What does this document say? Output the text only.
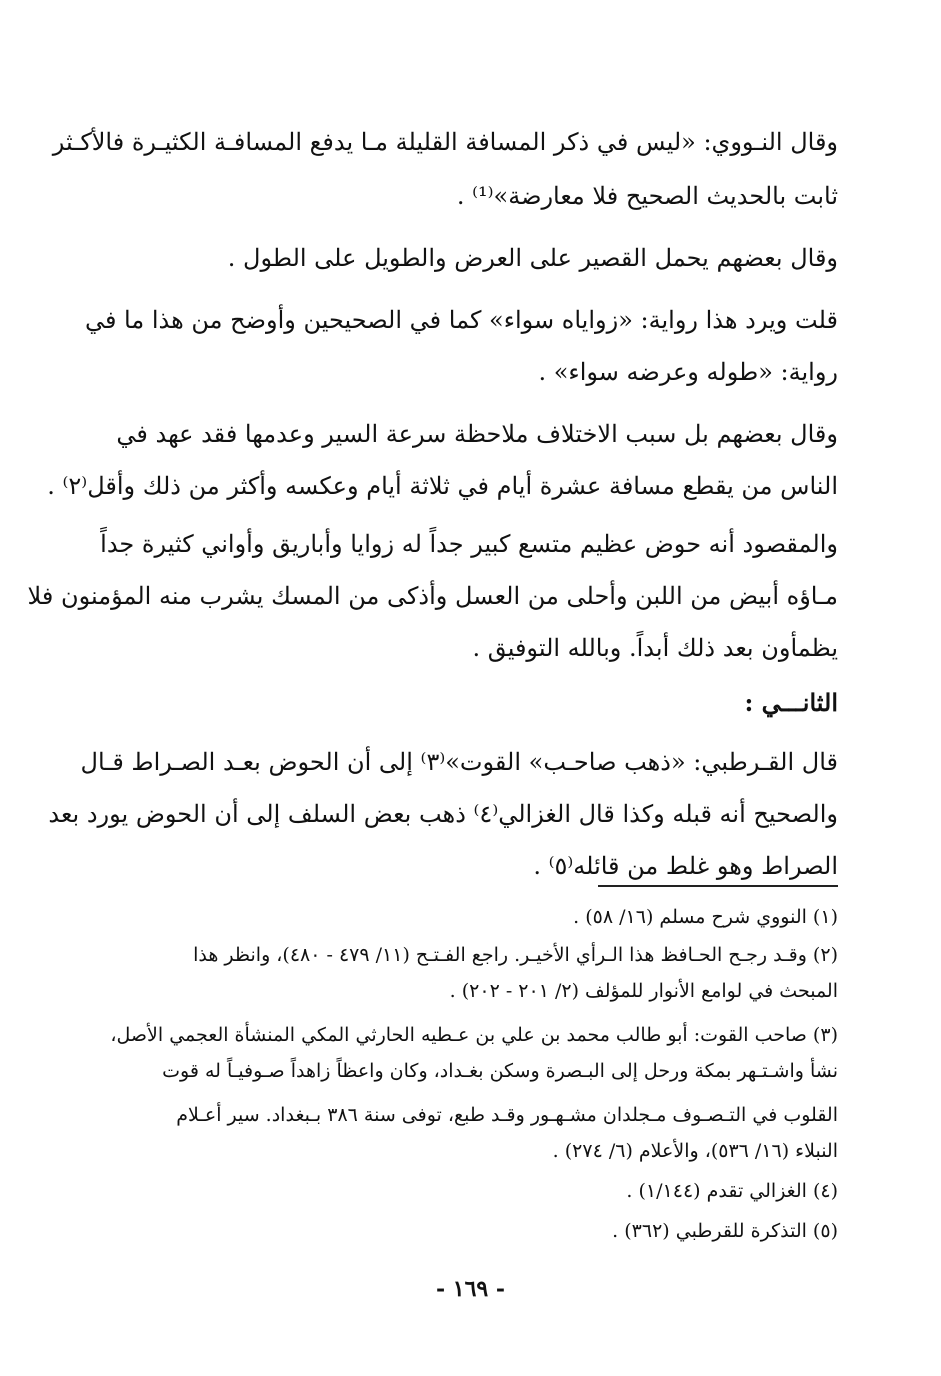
وقال النـووي: «ليس في ذكر المسافة القليلة مـا يدفع المسافـة الكثيـرة فالأكـثر
ثابت بالحديث الصحيح فلا معارضة»⁽¹⁾ .
وقال بعضهم يحمل القصير على العرض والطويل على الطول .
قلت ويرد هذا رواية: «زواياه سواء» كما في الصحيحين وأوضح من هذا ما في
رواية: «طوله وعرضه سواء» .
وقال بعضهم بل سبب الاختلاف ملاحظة سرعة السير وعدمها فقد عهد في
الناس من يقطع مسافة عشرة أيام في ثلاثة أيام وعكسه وأكثر من ذلك وأقل⁽٢⁾ .
والمقصود أنه حوض عظيم متسع كبير جداً له زوايا وأباريق وأواني كثيرة جداً
مـاؤه أبيض من اللبن وأحلى من العسل وأذكى من المسك يشرب منه المؤمنون فلا
يظمأون بعد ذلك أبداً. وبالله التوفيق .
الثانـــي :
قال القـرطبي: «ذهب صاحـب» القوت»⁽٣⁾ إلى أن الحوض بعـد الصـراط قـال
والصحيح أنه قبله وكذا قال الغزالي⁽٤⁾ ذهب بعض السلف إلى أن الحوض يورد بعد
الصراط وهو غلط من قائله⁽٥⁾ .
(١) النووي شرح مسلم (١٦/ ٥٨) .
(٢) وقـد رجـح الحـافظ هذا الـرأي الأخيـر. راجع الفـتـح (١١/ ٤٧٩ - ٤٨٠)، وانظر هذا
المبحث في لوامع الأنوار للمؤلف (٢/ ٢٠١ - ٢٠٢) .
(٣) صاحب القوت: أبو طالب محمد بن علي بن عـطيه الحارثي المكي المنشأة العجمي الأصل،
نشأ واشـتـهر بمكة ورحل إلى البـصرة وسكن بغـداد، وكان واعظاً زاهداً صـوفيـاً له قوت
القلوب في التـصـوف مـجلدان مشـهـور وقـد طبع، توفى سنة ٣٨٦ بـبغداد. سير أعـلام
النبلاء (١٦/ ٥٣٦)، والأعلام (٦/ ٢٧٤) .
(٤) الغزالي تقدم (١/١٤٤) .
(٥) التذكرة للقرطبي (٣٦٢) .
- ١٦٩ -
